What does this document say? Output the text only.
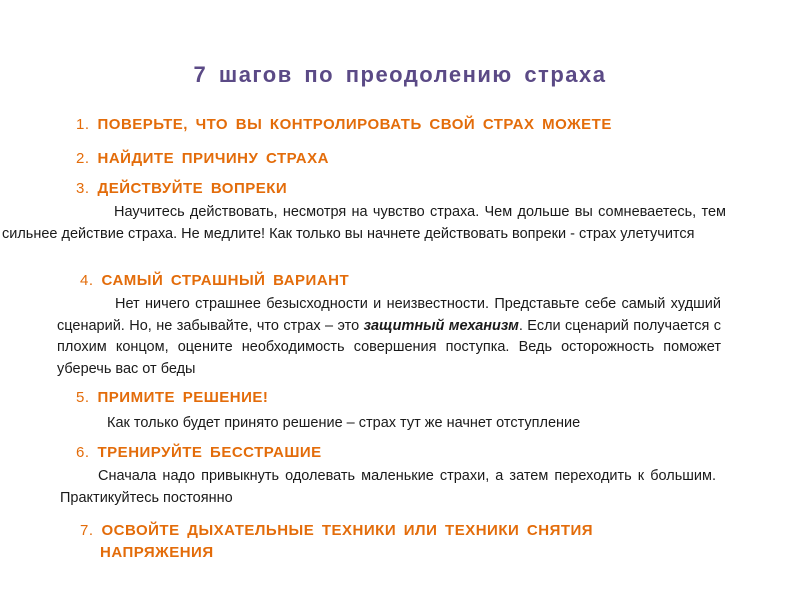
7 шагов по преодолению страха
1. ПОВЕРЬТЕ, ЧТО ВЫ КОНТРОЛИРОВАТЬ СВОЙ СТРАХ МОЖЕТЕ
2. НАЙДИТЕ ПРИЧИНУ СТРАХА
3. ДЕЙСТВУЙТЕ ВОПРЕКИ
Научитесь действовать, несмотря на чувство страха. Чем дольше вы сомневаетесь, тем сильнее действие страха. Не медлите! Как только вы начнете действовать вопреки - страх улетучится
4. САМЫЙ СТРАШНЫЙ ВАРИАНТ
Нет ничего страшнее безысходности и неизвестности. Представьте себе самый худший сценарий. Но, не забывайте, что страх – это защитный механизм. Если сценарий получается с плохим концом, оцените необходимость совершения поступка. Ведь осторожность поможет уберечь вас от беды
5. ПРИМИТЕ РЕШЕНИЕ!
Как только будет принято решение – страх тут же начнет отступление
6. ТРЕНИРУЙТЕ БЕССТРАШИЕ
Сначала надо привыкнуть одолевать маленькие страхи, а затем переходить к большим. Практикуйтесь постоянно
7. ОСВОЙТЕ ДЫХАТЕЛЬНЫЕ ТЕХНИКИ ИЛИ ТЕХНИКИ СНЯТИЯ
НАПРЯЖЕНИЯ
